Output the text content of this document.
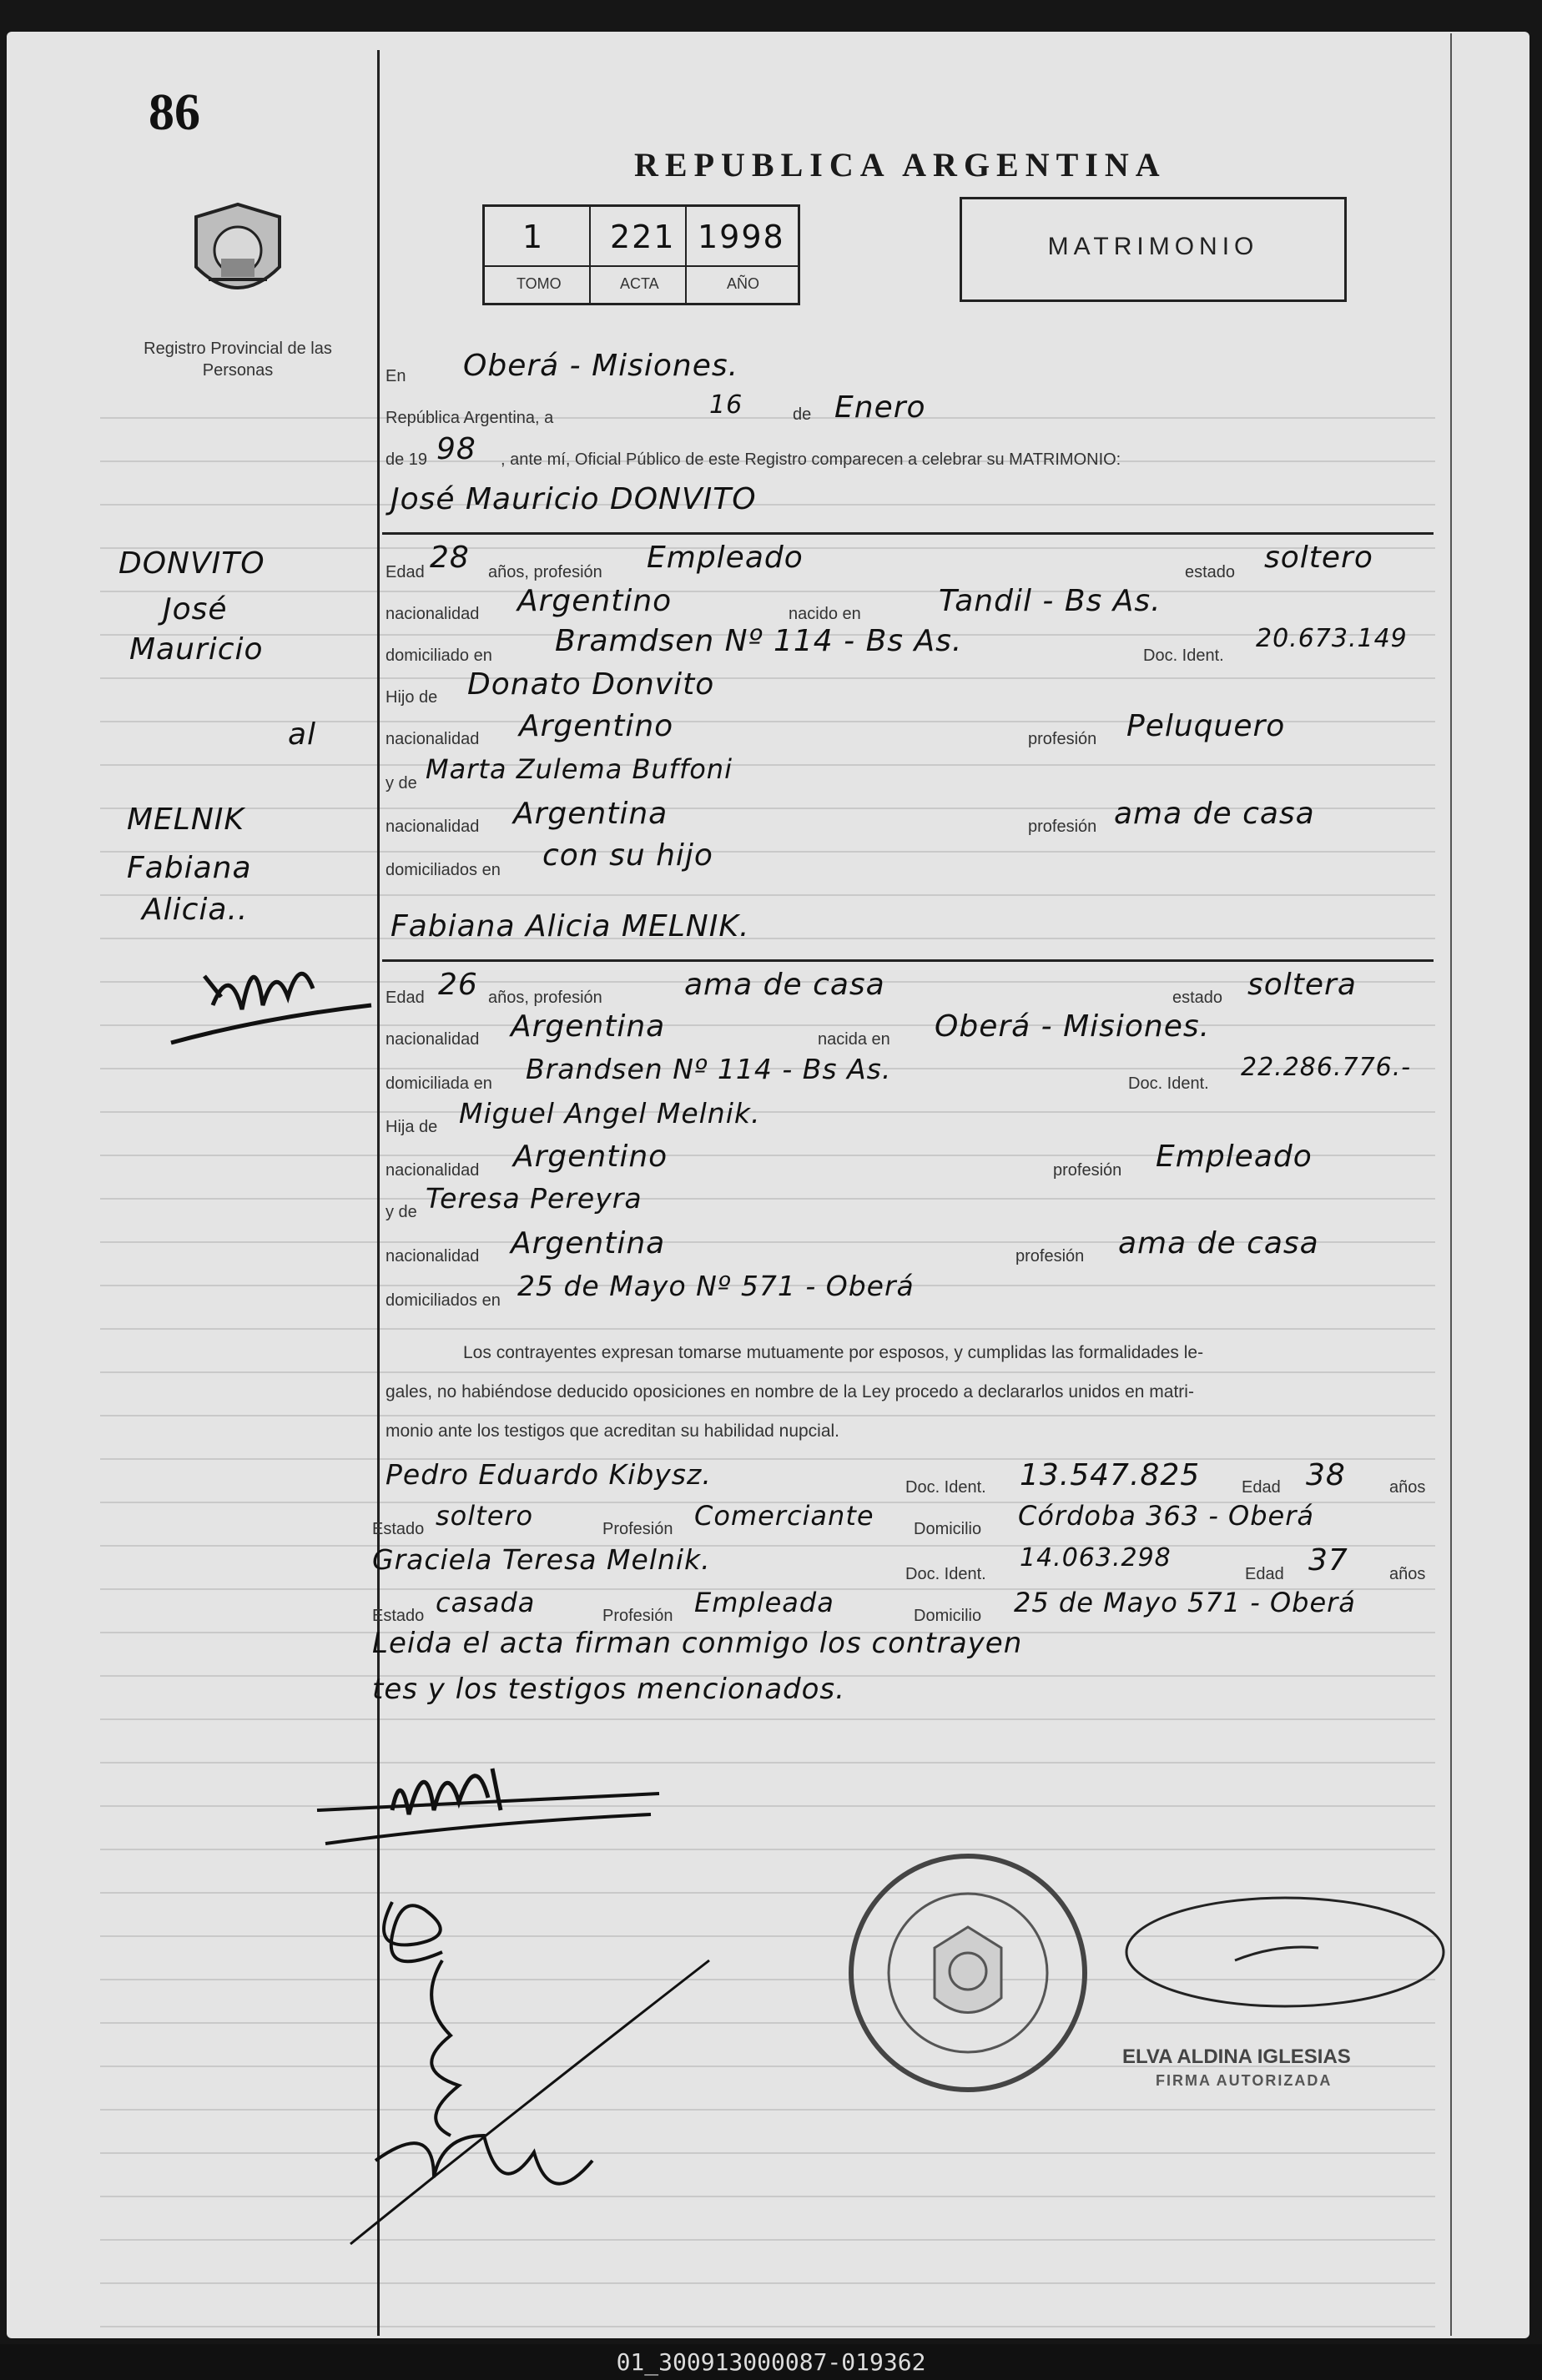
86
Registro Provincial de las Personas
REPUBLICA ARGENTINA
1 221 1998
TOMO	ACTA	AÑO
MATRIMONIO
DONVITO
José
Mauricio
al
MELNIK
Fabiana
Alicia..
En Oberá - Misiones.
República Argentina, a	16	de Enero
de 19 98 , ante mí, Oficial Público de este Registro comparecen a celebrar su MATRIMONIO:
José Mauricio DONVITO
Edad 28 años, profesión Empleado	estado soltero
nacionalidad Argentino	nacido en	Tandil - Bs As.
domiciliado en Bramdsen Nº 114 - Bs As.	Doc. Ident.
20.673.149
Hijo de Donato Donvito
nacionalidad Argentino	profesión Peluquero
y de Marta Zulema Buffoni
nacionalidad Argentina	profesión ama de casa
domiciliados en con su hijo
Fabiana Alicia MELNIK.
Edad 26 años, profesión	ama de casa	estado soltera
nacionalidad Argentina	nacida en Oberá - Misiones.
domiciliada en Brandsen Nº 114 - Bs As.	Doc. Ident.
22.286.776.-
Hija de Miguel Angel Melnik.
nacionalidad Argentino	profesión Empleado
y de Teresa Pereyra
nacionalidad Argentina	profesión ama de casa
domiciliados en 25 de Mayo Nº 571 - Oberá
Los contrayentes expresan tomarse mutuamente por esposos, y cumplidas las formalidades le-
gales, no habiéndose deducido oposiciones en nombre de la Ley procedo a declararlos unidos en matri-
monio ante los testigos que acreditan su habilidad nupcial.
Pedro Eduardo Kibysz.	Doc. Ident. 13.547.825 Edad 38	años
Estado soltero	Profesión Comerciante Domicilio Córdoba 363 - Oberá
Graciela Teresa Melnik.	Doc. Ident.
14.063.298
Edad 37 años
Estado casada	Profesión Empleada	Domicilio 25 de Mayo 571 - Oberá
Leida el acta firman conmigo los contrayen
tes y los testigos mencionados.
ELVA ALDINA IGLESIAS
FIRMA AUTORIZADA
01_300913000087-019362
